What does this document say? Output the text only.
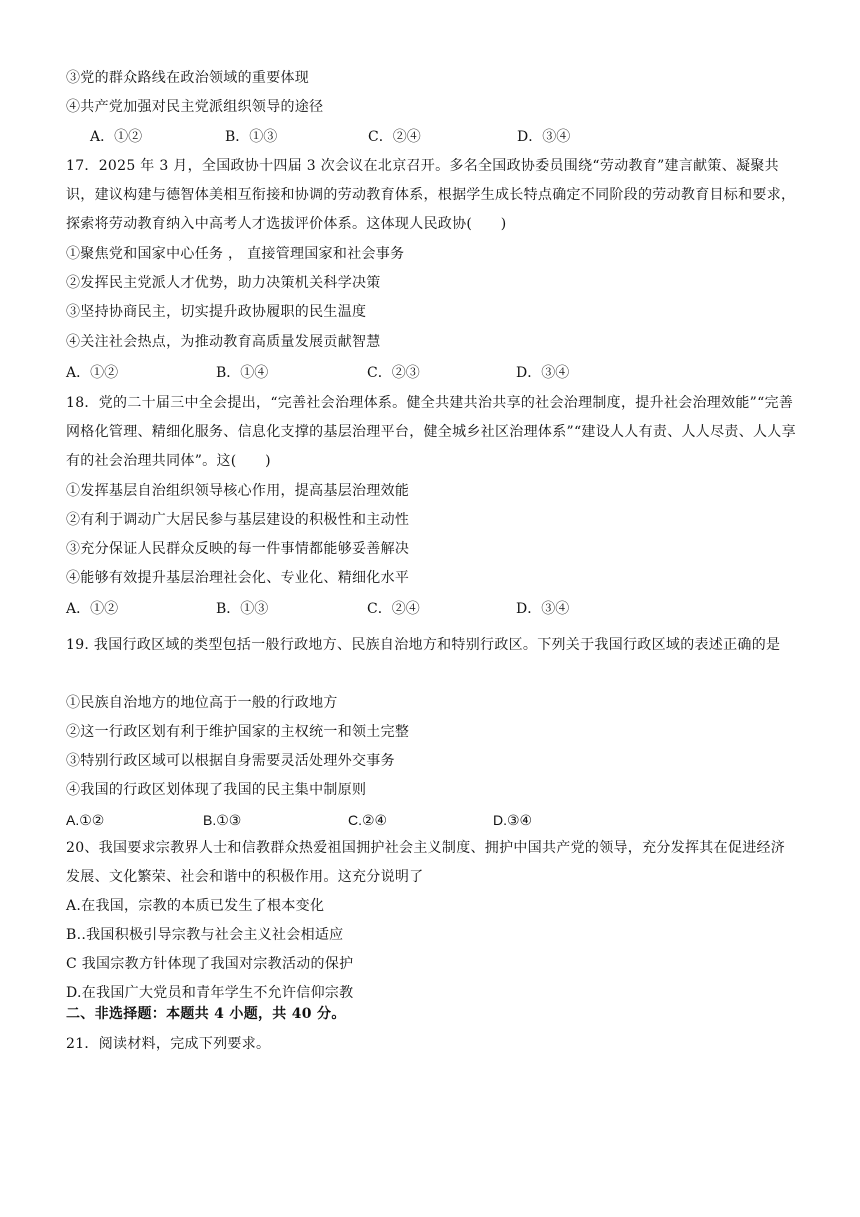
③党的群众路线在政治领域的重要体现
④共产党加强对民主党派组织领导的途径
A．①②	B．①③	C．②④	D．③④
17．2025 年 3 月，全国政协十四届 3 次会议在北京召开。多名全国政协委员围绕“劳动教育”建言献策、凝聚共识，建议构建与德智体美相互衔接和协调的劳动教育体系，根据学生成长特点确定不同阶段的劳动教育目标和要求，探索将劳动教育纳入中高考人才选拔评价体系。这体现人民政协(　　)
①聚焦党和国家中心任务 ， 直接管理国家和社会事务
②发挥民主党派人才优势，助力决策机关科学决策
③坚持协商民主，切实提升政协履职的民生温度
④关注社会热点，为推动教育高质量发展贡献智慧
A．①②	B．①④	C．②③	D．③④
18．党的二十届三中全会提出，“完善社会治理体系。健全共建共治共享的社会治理制度，提升社会治理效能”“完善网格化管理、精细化服务、信息化支撑的基层治理平台，健全城乡社区治理体系”“建设人人有责、人人尽责、人人享有的社会治理共同体”。这(　　)
①发挥基层自治组织领导核心作用，提高基层治理效能
②有利于调动广大居民参与基层建设的积极性和主动性
③充分保证人民群众反映的每一件事情都能够妥善解决
④能够有效提升基层治理社会化、专业化、精细化水平
A．①②	B．①③	C．②④	D．③④
19. 我国行政区域的类型包括一般行政地方、民族自治地方和特别行政区。下列关于我国行政区域的表述正确的是
①民族自治地方的地位高于一般的行政地方
②这一行政区划有利于维护国家的主权统一和领土完整
③特别行政区域可以根据自身需要灵活处理外交事务
④我国的行政区划体现了我国的民主集中制原则
A.①②	B.①③	C.②④	D.③④
20、我国要求宗教界人士和信教群众热爱祖国拥护社会主义制度、拥护中国共产党的领导，充分发挥其在促进经济发展、文化繁荣、社会和谐中的积极作用。这充分说明了
A.在我国，宗教的本质已发生了根本变化
B..我国积极引导宗教与社会主义社会相适应
C 我国宗教方针体现了我国对宗教活动的保护
D.在我国广大党员和青年学生不允许信仰宗教
二、非选择题：本题共 4 小题，共 40 分。
21．阅读材料，完成下列要求。
